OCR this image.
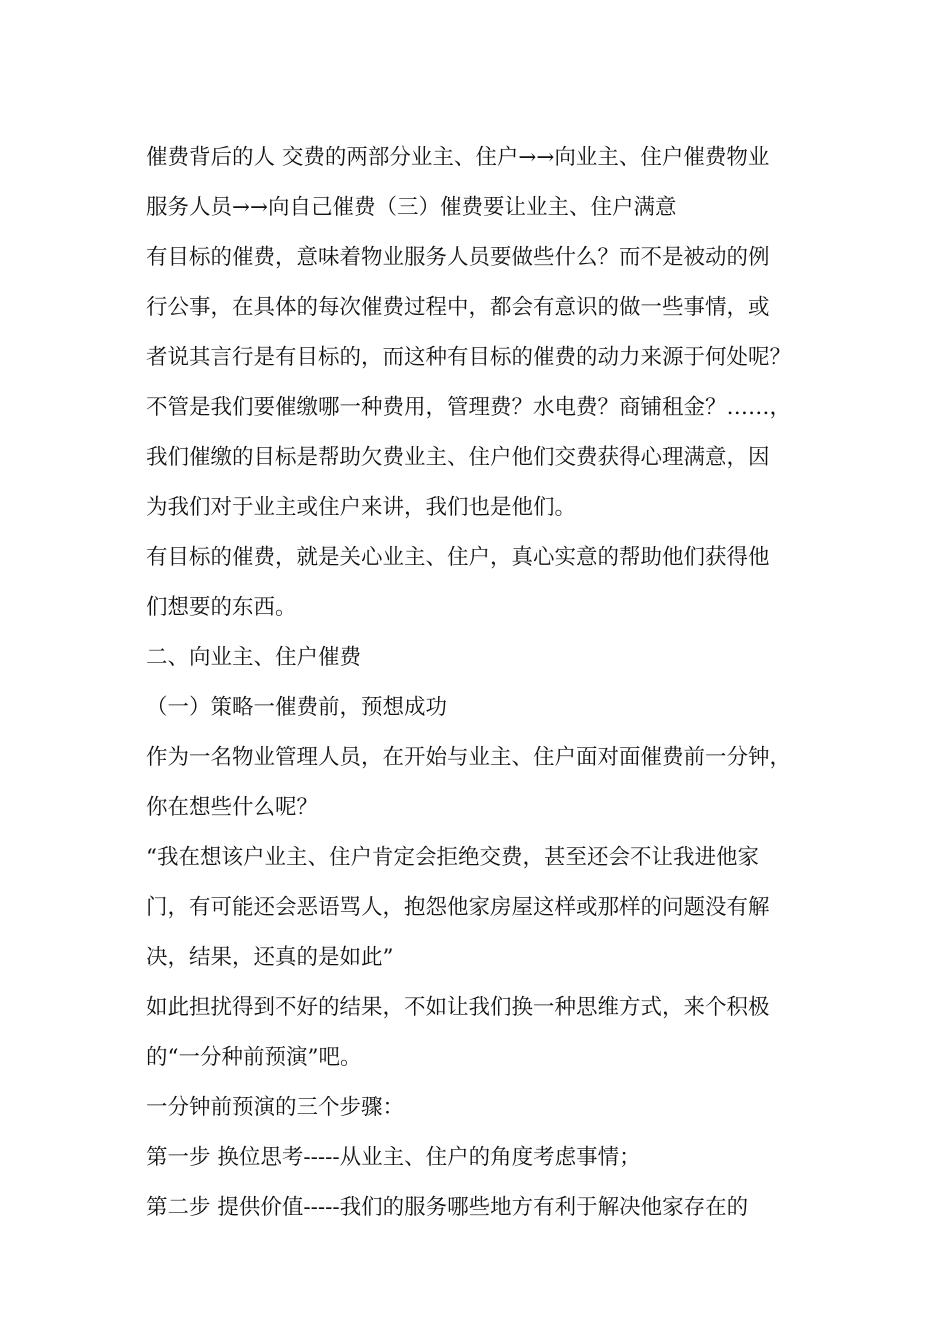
催费背后的人 交费的两部分业主、住户→→向业主、住户催费物业
服务人员→→向自己催费（三）催费要让业主、住户满意
有目标的催费，意味着物业服务人员要做些什么？而不是被动的例
行公事，在具体的每次催费过程中，都会有意识的做一些事情，或
者说其言行是有目标的，而这种有目标的催费的动力来源于何处呢？
不管是我们要催缴哪一种费用，管理费？水电费？商铺租金？……，
我们催缴的目标是帮助欠费业主、住户他们交费获得心理满意，因
为我们对于业主或住户来讲，我们也是他们。
有目标的催费，就是关心业主、住户，真心实意的帮助他们获得他
们想要的东西。
二、向业主、住户催费
（一）策略一催费前，预想成功
作为一名物业管理人员，在开始与业主、住户面对面催费前一分钟，
你在想些什么呢？
“我在想该户业主、住户肯定会拒绝交费，甚至还会不让我进他家
门，有可能还会恶语骂人，抱怨他家房屋这样或那样的问题没有解
决，结果，还真的是如此”
如此担扰得到不好的结果，不如让我们换一种思维方式，来个积极
的“一分种前预演”吧。
一分钟前预演的三个步骤：
第一步 换位思考-----从业主、住户的角度考虑事情；
第二步 提供价值-----我们的服务哪些地方有利于解决他家存在的
